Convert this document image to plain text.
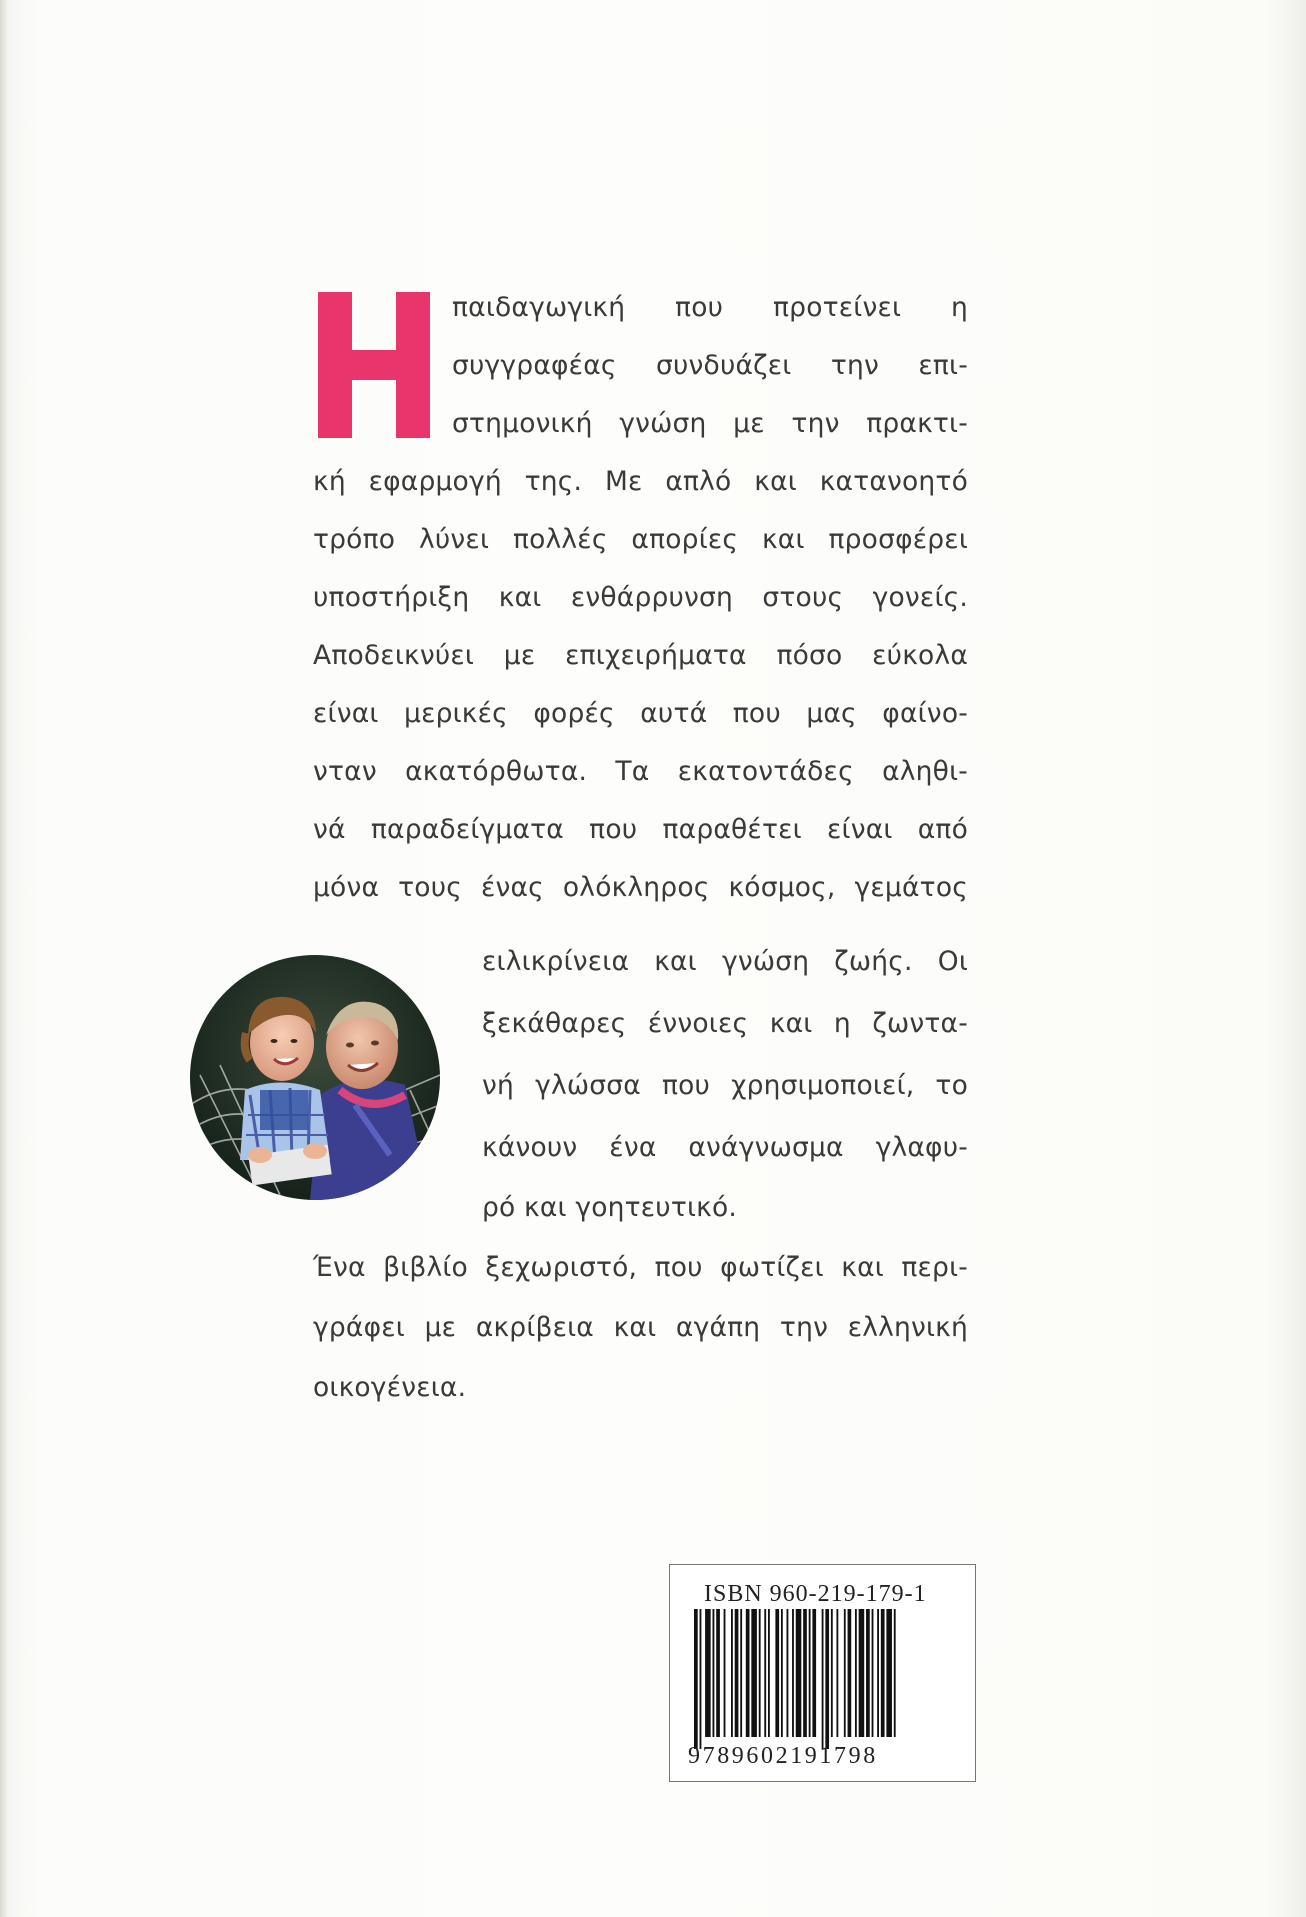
παιδαγωγική που προτείνει η
συγγραφέας συνδυάζει την επι-
στημονική γνώση με την πρακτι-
κή εφαρμογή της. Με απλό και κατανοητό
τρόπο λύνει πολλές απορίες και προσφέρει
υποστήριξη και ενθάρρυνση στους γονείς.
Αποδεικνύει με επιχειρήματα πόσο εύκολα
είναι μερικές φορές αυτά που μας φαίνο-
νταν ακατόρθωτα. Τα εκατοντάδες αληθι-
νά παραδείγματα που παραθέτει είναι από
μόνα τους ένας ολόκληρος κόσμος, γεμάτος
ειλικρίνεια και γνώση ζωής. Οι
ξεκάθαρες έννοιες και η ζωντα-
νή γλώσσα που χρησιμοποιεί, το
κάνουν ένα ανάγνωσμα γλαφυ-
ρό και γοητευτικό.
Ένα βιβλίο ξεχωριστό, που φωτίζει και περι-
γράφει με ακρίβεια και αγάπη την ελληνική
οικογένεια.
ISBN 960-219-179-1
9789602191798
